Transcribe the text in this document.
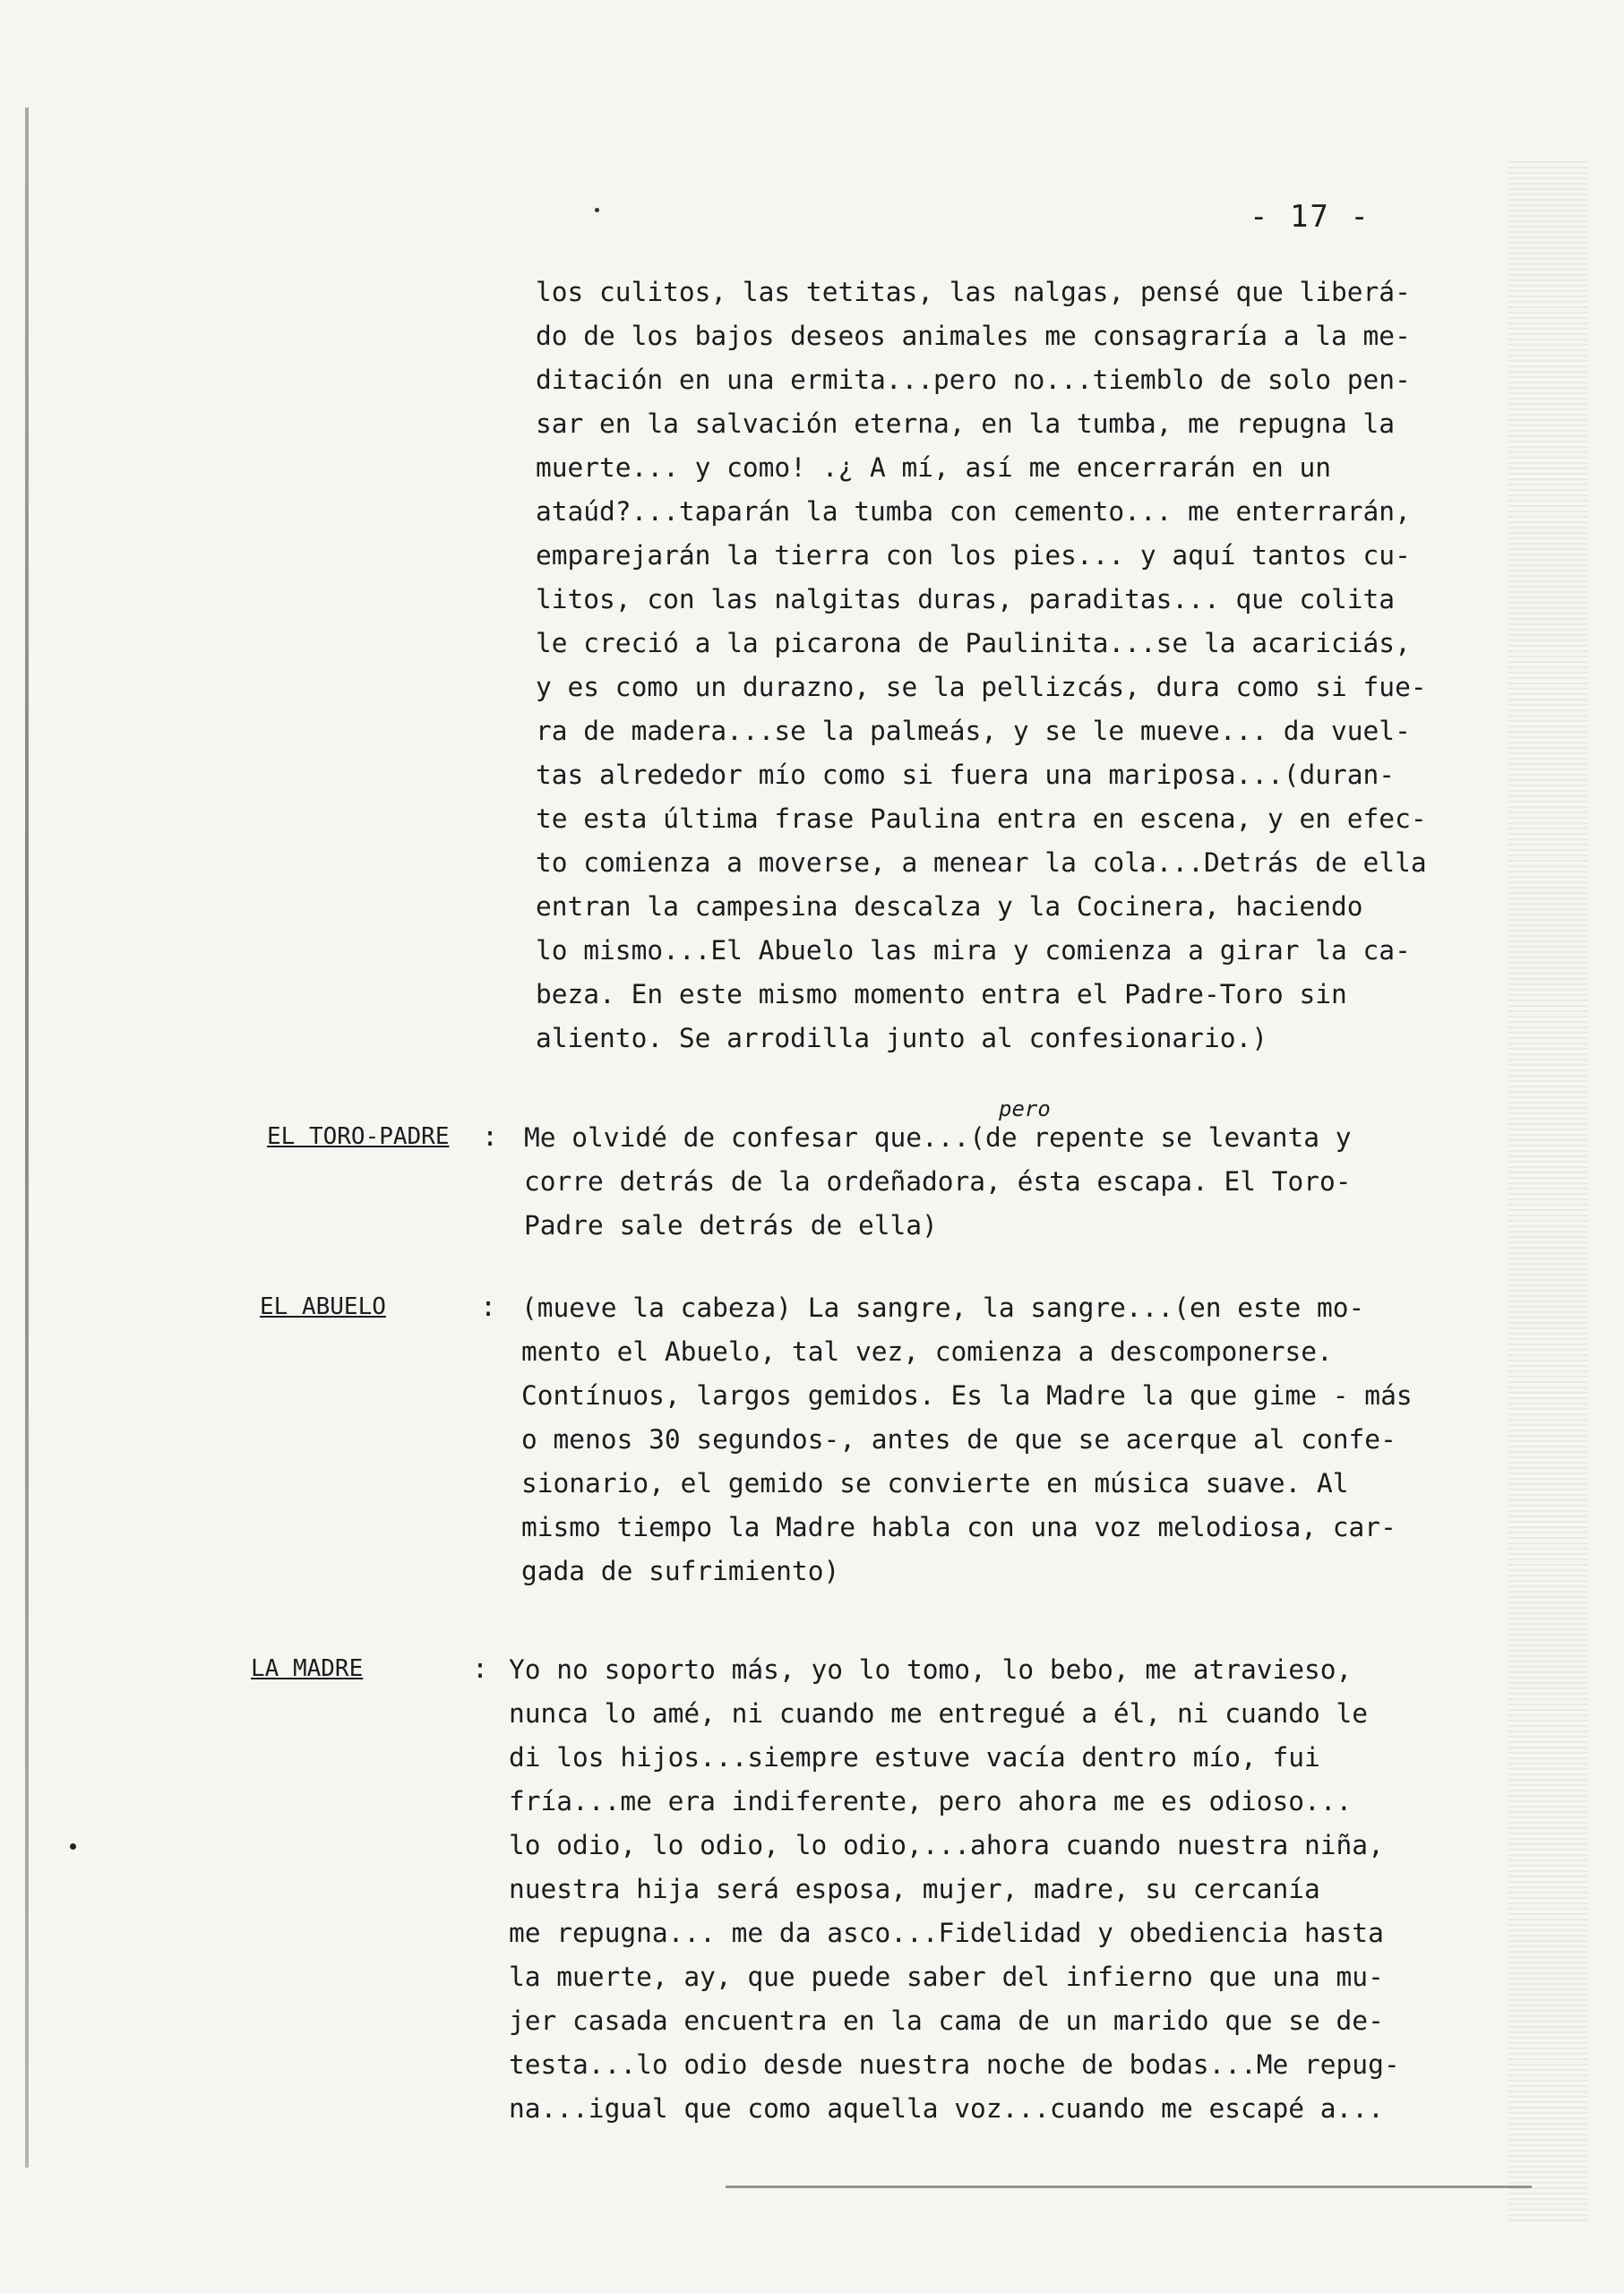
- 17 -
los culitos, las tetitas, las nalgas, pensé que liberá-
do de los bajos deseos animales me consagraría a la me-
ditación en una ermita...pero no...tiemblo de solo pen-
sar en la salvación eterna, en la tumba, me repugna la
muerte... y como! .¿ A mí, así me encerrarán en un
ataúd?...taparán la tumba con cemento... me enterrarán,
emparejarán la tierra con los pies... y aquí tantos cu-
litos, con las nalgitas duras, paraditas... que colita
le creció a la picarona de Paulinita...se la acariciás,
y es como un durazno, se la pellizcás, dura como si fue-
ra de madera...se la palmeás, y se le mueve... da vuel-
tas alrededor mío como si fuera una mariposa...(duran-
te esta última frase Paulina entra en escena, y en efec-
to comienza a moverse, a menear la cola...Detrás de ella
entran la campesina descalza y la Cocinera, haciendo
lo mismo...El Abuelo las mira y comienza a girar la ca-
beza. En este mismo momento entra el Padre-Toro sin
aliento. Se arrodilla junto al confesionario.)
EL TORO-PADRE :
pero
Me olvidé de confesar que...(de repente se levanta y
corre detrás de la ordeñadora, ésta escapa. El Toro-
Padre sale detrás de ella)
EL ABUELO	: (mueve la cabeza) La sangre, la sangre...(en este mo-
mento el Abuelo, tal vez, comienza a descomponerse.
Contínuos, largos gemidos. Es la Madre la que gime - más
o menos 30 segundos-, antes de que se acerque al confe-
sionario, el gemido se convierte en música suave. Al
mismo tiempo la Madre habla con una voz melodiosa, car-
gada de sufrimiento)
LA MADRE	: Yo no soporto más, yo lo tomo, lo bebo, me atravieso,
nunca lo amé, ni cuando me entregué a él, ni cuando le
di los hijos...siempre estuve vacía dentro mío, fui
fría...me era indiferente, pero ahora me es odioso...
lo odio, lo odio, lo odio,...ahora cuando nuestra niña,
nuestra hija será esposa, mujer, madre, su cercanía
me repugna... me da asco...Fidelidad y obediencia hasta
la muerte, ay, que puede saber del infierno que una mu-
jer casada encuentra en la cama de un marido que se de-
testa...lo odio desde nuestra noche de bodas...Me repug-
na...igual que como aquella voz...cuando me escapé a...
